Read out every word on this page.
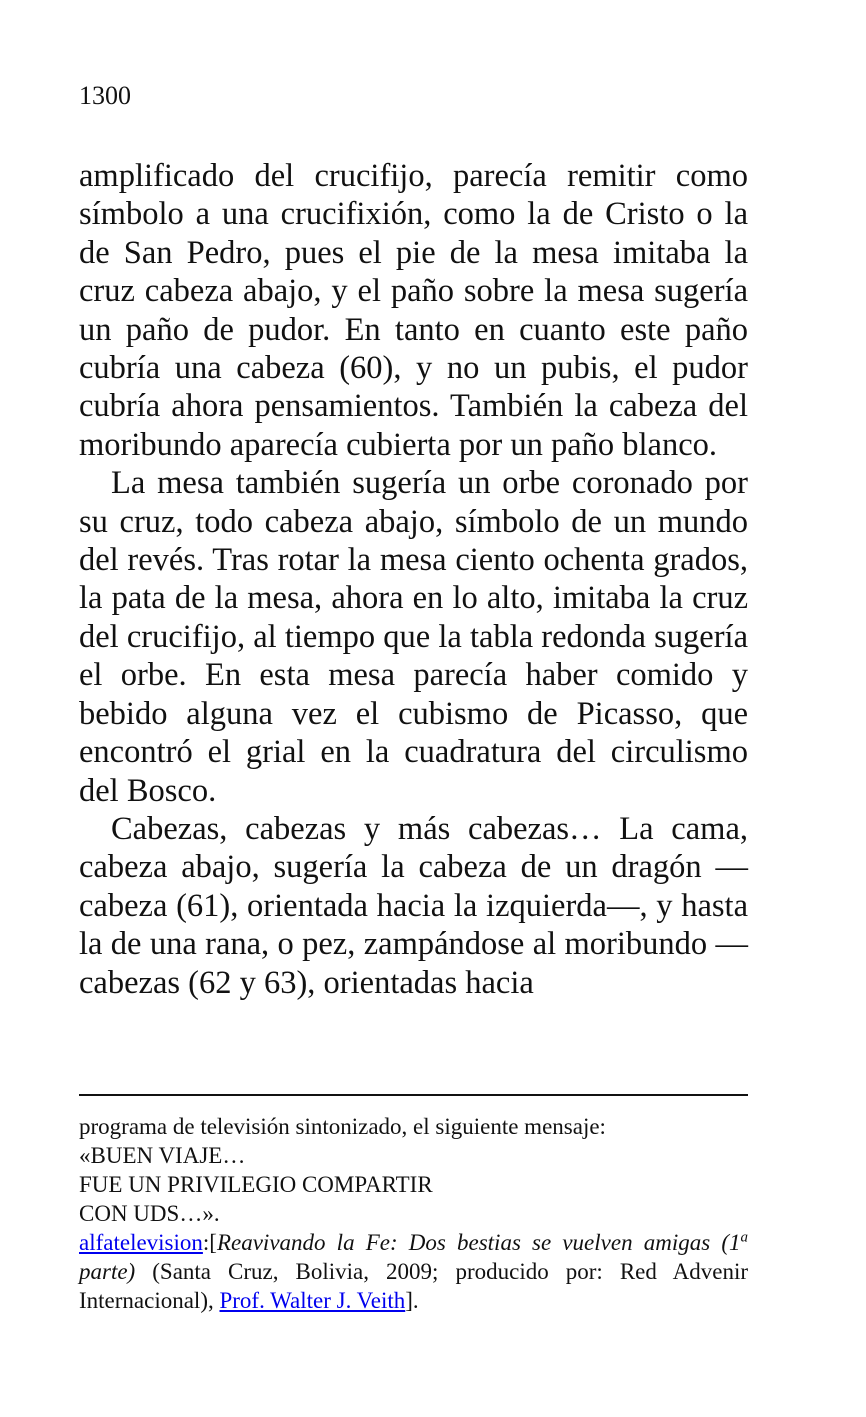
1300

amplificado del crucifijo, parecía remitir como símbolo a una crucifixión, como la de Cristo o la de San Pedro, pues el pie de la mesa imitaba la cruz cabeza abajo, y el paño sobre la mesa sugería un paño de pudor. En tanto en cuanto este paño cubría una cabeza (60), y no un pubis, el pudor cubría ahora pensamientos. También la cabeza del moribundo aparecía cubierta por un paño blanco.

La mesa también sugería un orbe coronado por su cruz, todo cabeza abajo, símbolo de un mundo del revés. Tras rotar la mesa ciento ochenta grados, la pata de la mesa, ahora en lo alto, imitaba la cruz del crucifijo, al tiempo que la tabla redonda sugería el orbe. En esta mesa parecía haber comido y bebido alguna vez el cubismo de Picasso, que encontró el grial en la cuadratura del circulismo del Bosco.

Cabezas, cabezas y más cabezas… La cama, cabeza abajo, sugería la cabeza de un dragón —cabeza (61), orientada hacia la izquierda—, y hasta la de una rana, o pez, zampándose al moribundo —cabezas (62 y 63), orientadas hacia

programa de televisión sintonizado, el siguiente mensaje:

«BUEN VIAJE…

FUE UN PRIVILEGIO COMPARTIR

CON UDS…».

alfatelevision:[Reavivando la Fe: Dos bestias se vuelven amigas (1$^a$ parte) (Santa Cruz, Bolivia, 2009; producido por: Red Advenir Internacional), Prof. Walter J. Veith].
